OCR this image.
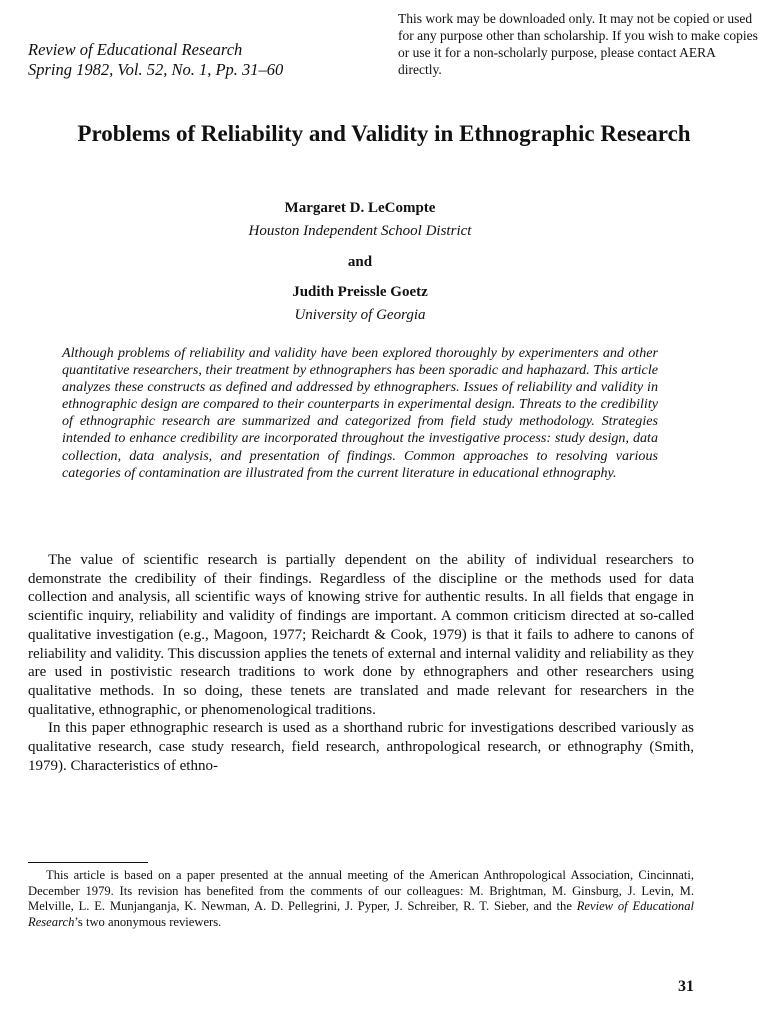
Review of Educational Research
Spring 1982, Vol. 52, No. 1, Pp. 31–60
This work may be downloaded only. It may not be copied or used for any purpose other than scholarship. If you wish to make copies or use it for a non-scholarly purpose, please contact AERA directly.
Problems of Reliability and Validity in Ethnographic Research
Margaret D. LeCompte
Houston Independent School District
and
Judith Preissle Goetz
University of Georgia
Although problems of reliability and validity have been explored thoroughly by experimenters and other quantitative researchers, their treatment by ethnographers has been sporadic and haphazard. This article analyzes these constructs as defined and addressed by ethnographers. Issues of reliability and validity in ethnographic design are compared to their counterparts in experimental design. Threats to the credibility of ethnographic research are summarized and categorized from field study methodology. Strategies intended to enhance credibility are incorporated throughout the investigative process: study design, data collection, data analysis, and presentation of findings. Common approaches to resolving various categories of contamination are illustrated from the current literature in educational ethnography.

The value of scientific research is partially dependent on the ability of individual researchers to demonstrate the credibility of their findings. Regardless of the discipline or the methods used for data collection and analysis, all scientific ways of knowing strive for authentic results. In all fields that engage in scientific inquiry, reliability and validity of findings are important. A common criticism directed at so-called qualitative investigation (e.g., Magoon, 1977; Reichardt & Cook, 1979) is that it fails to adhere to canons of reliability and validity. This discussion applies the tenets of external and internal validity and reliability as they are used in postivistic research traditions to work done by ethnographers and other researchers using qualitative methods. In so doing, these tenets are translated and made relevant for researchers in the qualitative, ethnographic, or phenomenological traditions.

In this paper ethnographic research is used as a shorthand rubric for investigations described variously as qualitative research, case study research, field research, anthropological research, or ethnography (Smith, 1979). Characteristics of ethno-

This article is based on a paper presented at the annual meeting of the American Anthropological Association, Cincinnati, December 1979. Its revision has benefited from the comments of our colleagues: M. Brightman, M. Ginsburg, J. Levin, M. Melville, L. E. Munjanganja, K. Newman, A. D. Pellegrini, J. Pyper, J. Schreiber, R. T. Sieber, and the Review of Educational Research’s two anonymous reviewers.

31
